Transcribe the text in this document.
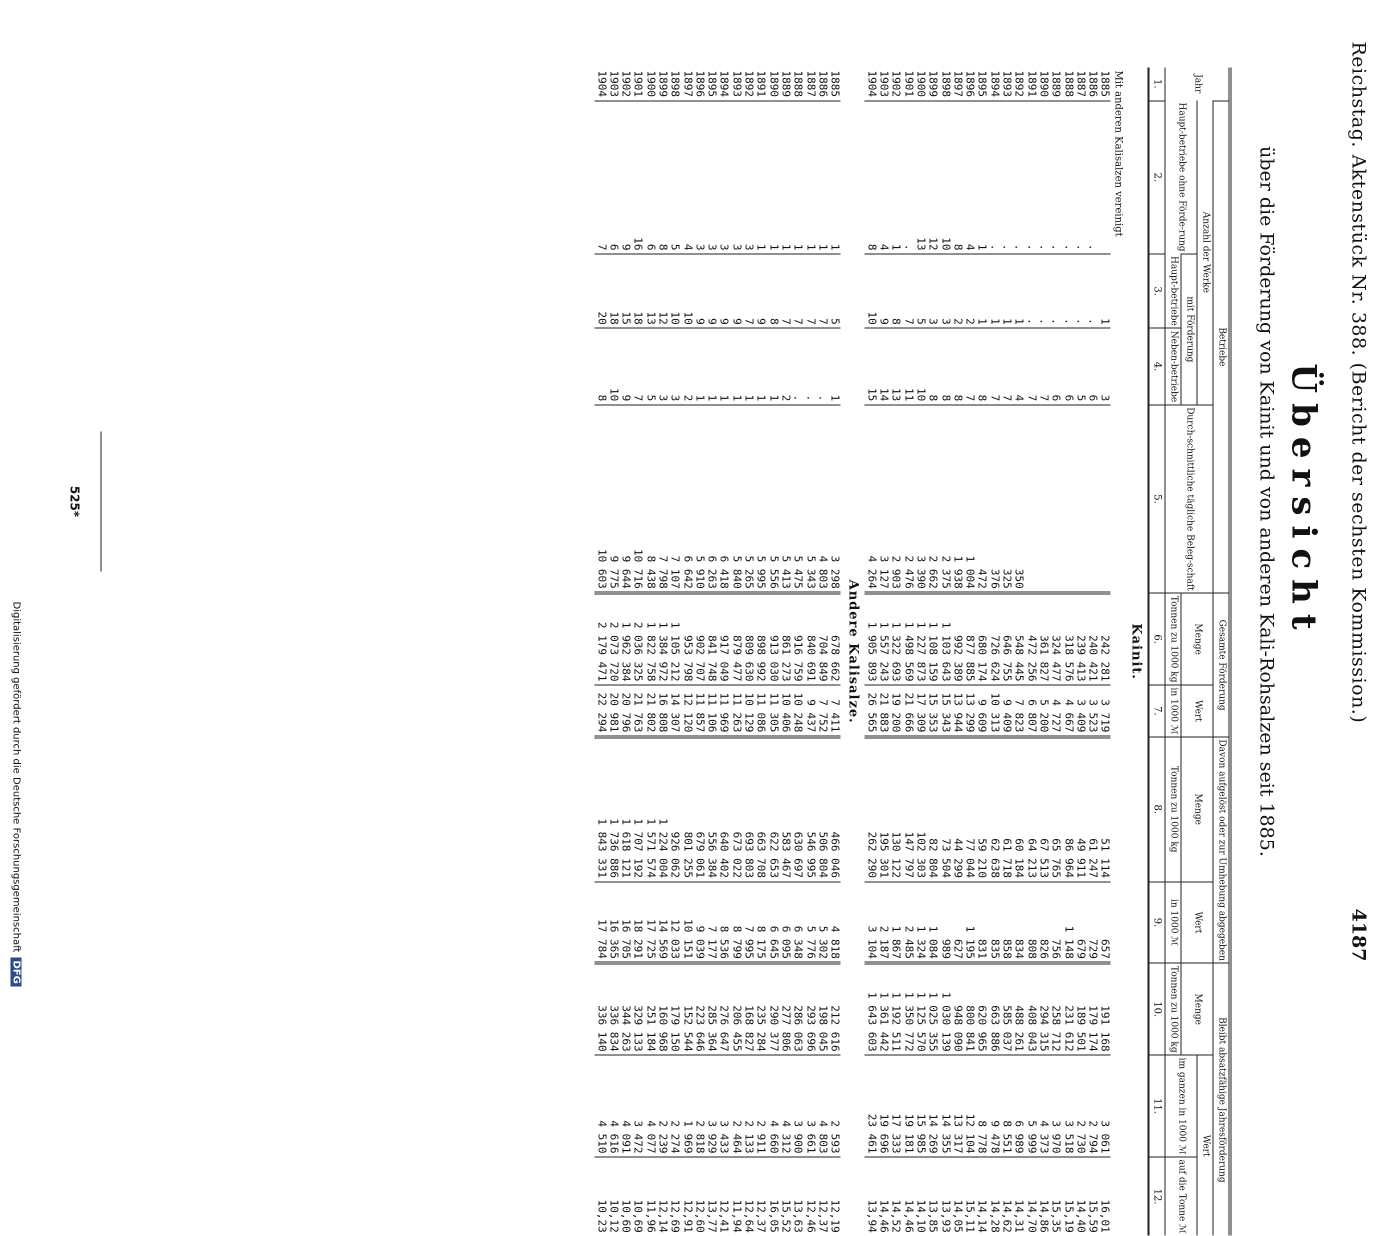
Reichstag. Aktenstück Nr. 388. (Bericht der sechsten Kommission.)
4187
Übersicht
über die Förderung von Kainit und von anderen Kali-Rohsalzen seit 1885.
Jahr	Betriebe				Gesamte Förderung		Davon aufgelöst oder zur Umhebung abgegeben		Bleibt absatzfähige Jahresförderung		
	Anzahl der Werke			Durch-schnittliche tägliche Beleg-schaft	Menge	Wert	Menge	Wert	Menge	Wert	
	Haupt-betriebe ohne Förde-rung	mit Förderung								im ganzen in 1000 ℳ	auf die Tonne ℳ
		Haupt-betriebe	Neben-betriebe		Tonnen zu 1000 kg	in 1000 ℳ	Tonnen zu 1000 kg	in 1000 ℳ	Tonnen zu 1000 kg		
1.	2.	3.	4.	5.	6.	7.	8.	9.	10.	11.	12.
Kainit.											
Mit anderen Kalisalzen vereinigt											
1885		1	3		242 281	3 719	51 114	657	191 168	3 061	16,01
1886	.	.	6		240 421	3 523	61 247	729	179 174	2 794	15,59
1887	.	.	5		239 413	3 409	49 911	679	189 501	2 730	14,40
1888	.	.	6		318 576	4 667	86 964	1 148	231 612	3 518	15,19
1889	.	.	6		324 477	4 727	65 765	756	258 712	3 970	15,35
1890	.	.	7		361 827	5 200	67 513	826	294 315	4 373	14,86
1891	.	.	7		472 256	6 807	64 213	808	408 043	5 999	14,70
1892	.	1	4	350	548 445	7 823	60 184	834	488 261	6 989	14,31
1893	.	1	7	325	646 755	9 409	61 718	858	585 037	8 551	14,62
1894	.	1	7	376	726 624	10 313	62 638	835	663 886	9 478	14,28
1895	1	1	8	472	680 174	9 609	59 210	831	620 965	8 778	14,14
1896	4	2	7	1 004	877 885	13 299	77 044	1 195	800 841	12 104	15,11
1897	8	2	8	1 938	992 389	13 944	44 299	627	948 090	13 317	14,05
1898	10	3	8	2 375	1 103 643	15 343	73 504	989	1 030 139	14 355	13,93
1899	12	3	8	2 662	1 108 159	15 353	82 804	1 084	1 025 355	14 269	13,85
1900	13	5	10	3 390	1 227 873	17 309	102 303	1 324	1 125 570	15 985	14,10
1901	.	7	11	2 476	1 498 569	21 666	147 797	2 485	1 350 772	19 181	14,46
1902	1	8	13	2 903	1 322 693	19 200	130 122	1 867	1 192 511	17 333	14,52
1903	4	9	14	3 127	1 557 243	21 883	195 301	2 187	1 361 442	19 696	14,46
1904	8	10	15	4 264	1 905 893	26 565	262 290	3 104	1 643 603	23 461	13,94
Andere Kalisalze.											
1885	1	5	1	3 298	678 662	7 411	466 046	4 818	212 616	2 593	12,19
1886	1	7	.	4 803	704 849	7 752	506 804	5 302	198 045	4 803	12,37
1887	1	7	.	5 343	840 691	9 437	546 995	5 776	293 696	3 661	12,46
1888	1	7	.	5 475	916 759	10 248	630 697	6 348	286 063	3 900	13,63
1889	1	7	2	5 413	861 273	10 406	583 467	6 095	277 806	4 312	15,52
1890	1	8	1	5 556	913 030	11 305	622 653	6 645	290 377	4 660	16,05
1891	1	9	1	5 995	898 992	11 086	663 708	8 175	235 284	2 911	12,37
1892	3	7	1	5 265	809 630	10 129	693 803	7 995	168 827	2 133	12,64
1893	3	9	1	5 840	879 477	11 263	673 022	8 799	206 455	2 464	11,94
1894	3	9	1	6 418	917 049	11 969	640 402	8 536	276 647	3 433	12,41
1895	3	9	1	6 263	841 748	11 106	556 384	7 177	285 364	3 929	13,77
1896	3	9	1	5 910	902 707	11 857	679 061	9 039	223 646	2 818	12,60
1897	4	10	2	6 642	953 798	12 120	801 255	10 151	152 544	1 969	12,91
1898	5	10	3	7 107	1 105 212	14 307	926 062	12 033	179 150	2 274	12,69
1899	8	12	3	7 798	1 384 972	16 808	1 224 004	14 569	160 968	2 239	12,14
1900	6	13	5	8 438	1 822 758	21 802	1 571 574	17 725	251 184	4 077	11,96
1901	16	18	7	10 716	2 036 325	21 763	1 707 192	18 291	329 133	3 472	10,69
1902	9	15	9	9 644	1 962 384	20 796	1 618 121	16 705	344 263	4 091	10,60
1903	6	18	10	9 775	2 073 720	20 981	1 736 886	16 365	336 834	4 616	10,12
1904	7	20	8	10 603	2 179 471	22 294	1 843 331	17 784	336 140	4 510	10,23
525*
Digitalisierung gefördert durch die Deutsche Forschungsgemeinschaft DFG
